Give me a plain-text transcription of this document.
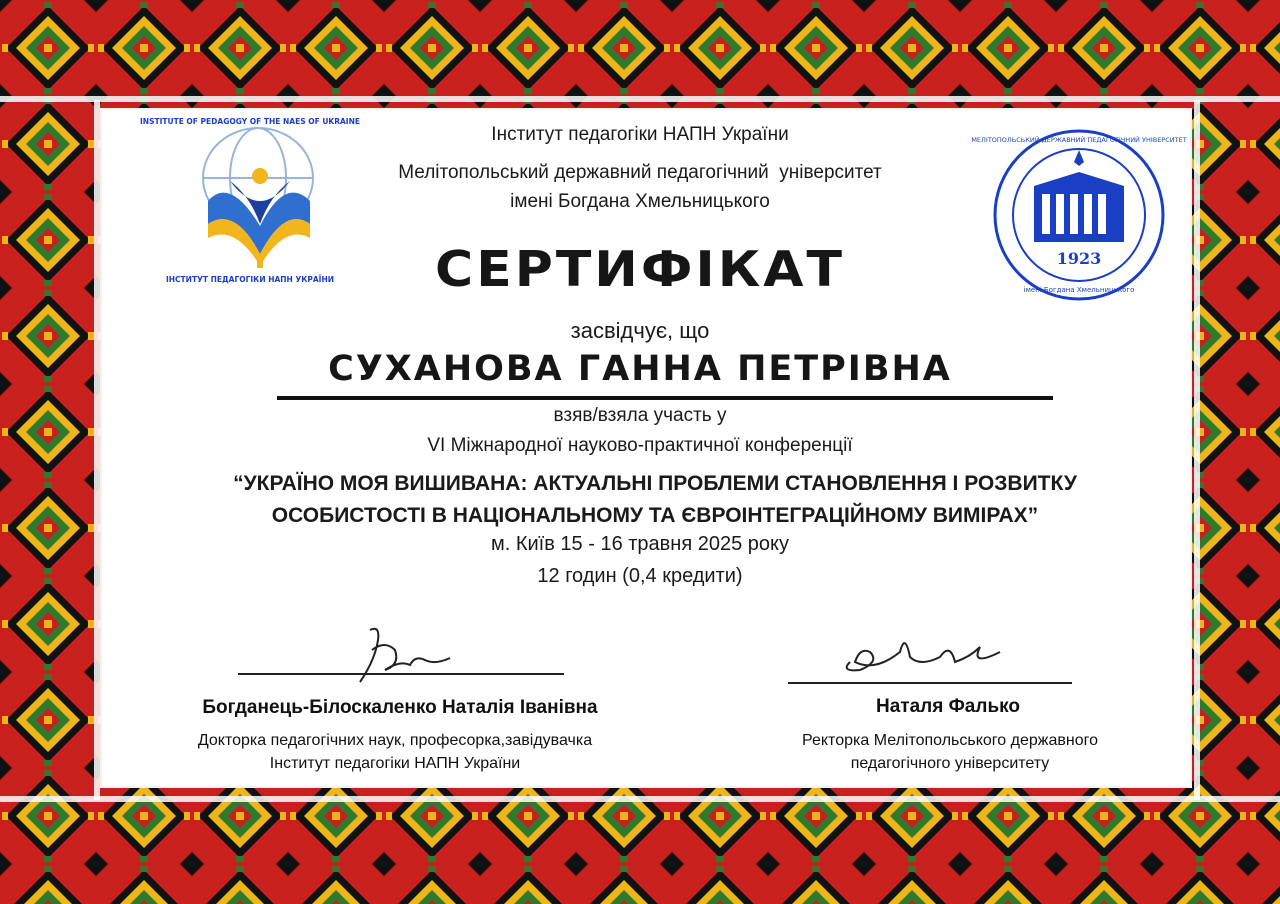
INSTITUTE OF PEDAGOGY OF THE NAES OF UKRAINE
ІНСТИТУТ ПЕДАГОГІКИ НАПН УКРАЇНИ
1923
МЕЛІТОПОЛЬСЬКИЙ ДЕРЖАВНИЙ ПЕДАГОГІЧНИЙ УНІВЕРСИТЕТ
імені Богдана Хмельницького
Інститут педагогіки НАПН України
Мелітопольський державний педагогічний  університет
імені Богдана Хмельницького
СЕРТИФІКАТ
засвідчує, що
СУХАНОВА ГАННА ПЕТРІВНА
взяв/взяла участь у
VI Міжнародної науково-практичної конференції
“УКРАЇНО МОЯ ВИШИВАНА: АКТУАЛЬНІ ПРОБЛЕМИ СТАНОВЛЕННЯ І РОЗВИТКУ
ОСОБИСТОСТІ В НАЦІОНАЛЬНОМУ ТА ЄВРОІНТЕГРАЦІЙНОМУ ВИМІРАХ”
м. Київ 15 - 16 травня 2025 року
12 годин (0,4 кредити)
Богданець-Білоскаленко Наталія Іванівна
Докторка педагогічних наук, професорка,завідувачка
Інститут педагогіки НАПН України
Наталя Фалько
Ректорка Мелітопольського державного
педагогічного університету
